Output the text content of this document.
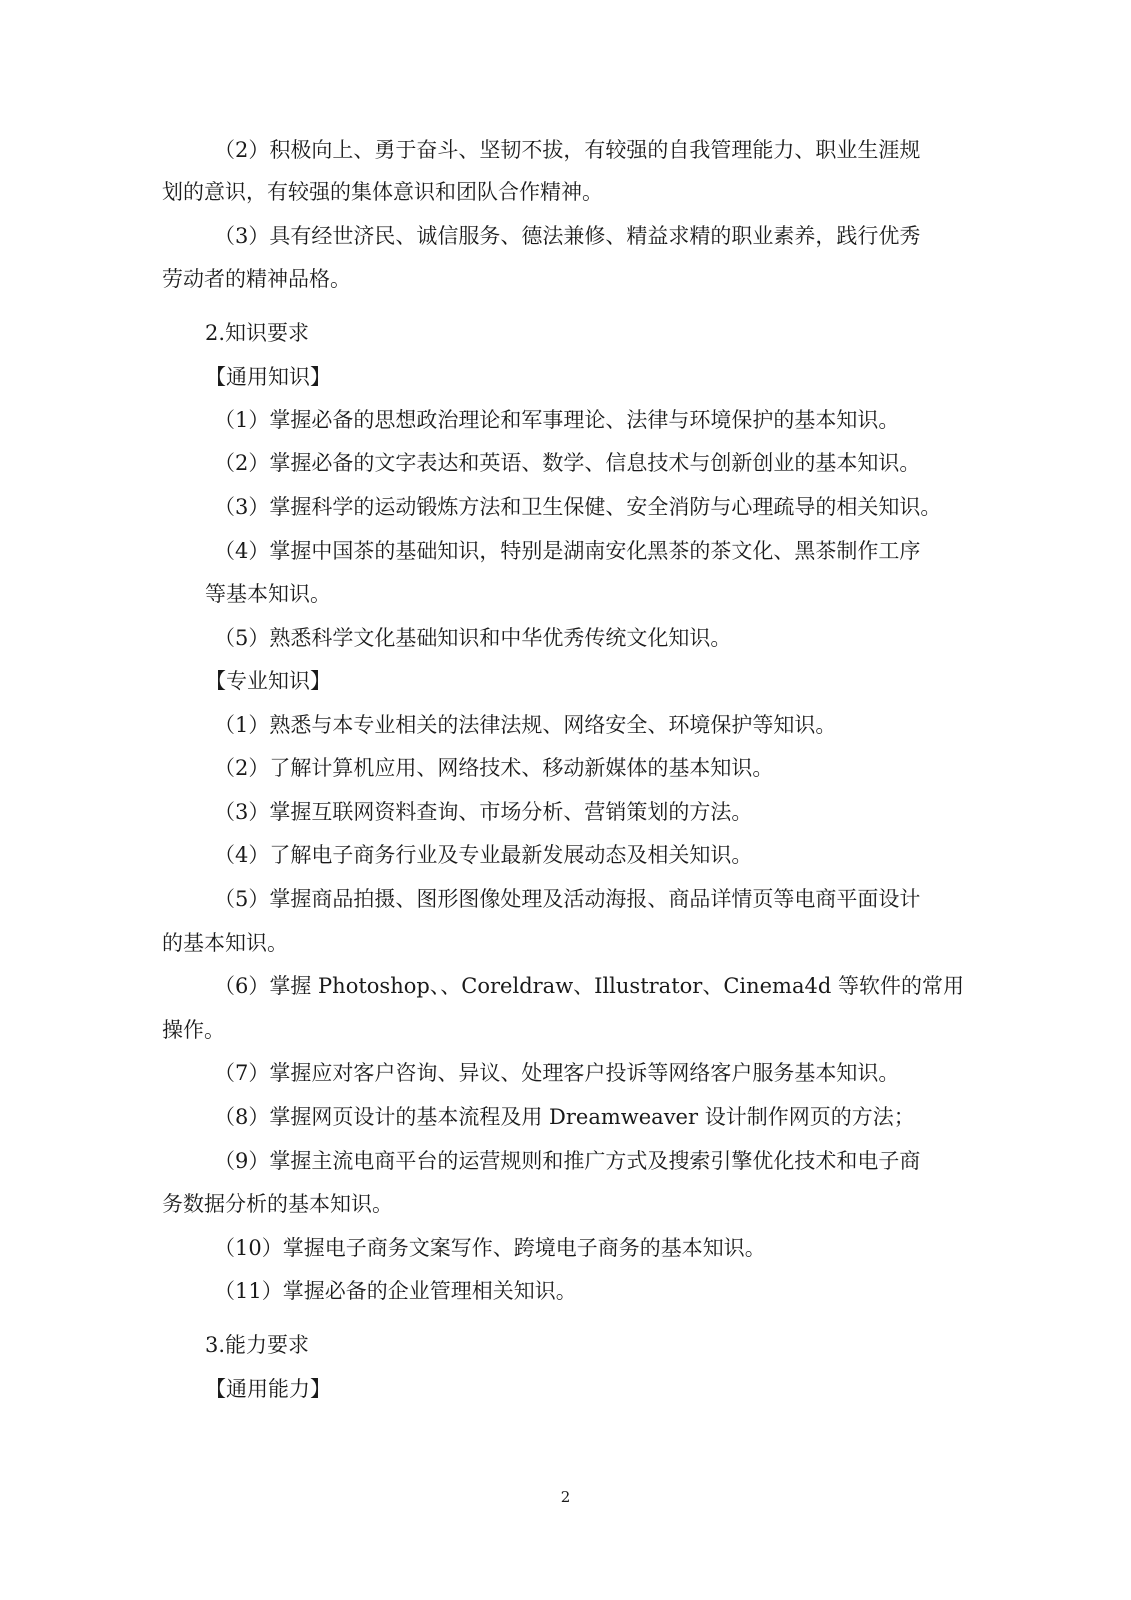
（2）积极向上、勇于奋斗、坚韧不拔，有较强的自我管理能力、职业生涯规
划的意识，有较强的集体意识和团队合作精神。
（3）具有经世济民、诚信服务、德法兼修、精益求精的职业素养，践行优秀
劳动者的精神品格。
2.知识要求
【通用知识】
（1）掌握必备的思想政治理论和军事理论、法律与环境保护的基本知识。
（2）掌握必备的文字表达和英语、数学、信息技术与创新创业的基本知识。
（3）掌握科学的运动锻炼方法和卫生保健、安全消防与心理疏导的相关知识。
（4）掌握中国茶的基础知识，特别是湖南安化黑茶的茶文化、黑茶制作工序
等基本知识。
（5）熟悉科学文化基础知识和中华优秀传统文化知识。
【专业知识】
（1）熟悉与本专业相关的法律法规、网络安全、环境保护等知识。
（2）了解计算机应用、网络技术、移动新媒体的基本知识。
（3）掌握互联网资料查询、市场分析、营销策划的方法。
（4）了解电子商务行业及专业最新发展动态及相关知识。
（5）掌握商品拍摄、图形图像处理及活动海报、商品详情页等电商平面设计
的基本知识。
（6）掌握 Photoshop、、Coreldraw、Illustrator、Cinema4d 等软件的常用
操作。
（7）掌握应对客户咨询、异议、处理客户投诉等网络客户服务基本知识。
（8）掌握网页设计的基本流程及用 Dreamweaver 设计制作网页的方法；
（9）掌握主流电商平台的运营规则和推广方式及搜索引擎优化技术和电子商
务数据分析的基本知识。
（10）掌握电子商务文案写作、跨境电子商务的基本知识。
（11）掌握必备的企业管理相关知识。
3.能力要求
【通用能力】
2
